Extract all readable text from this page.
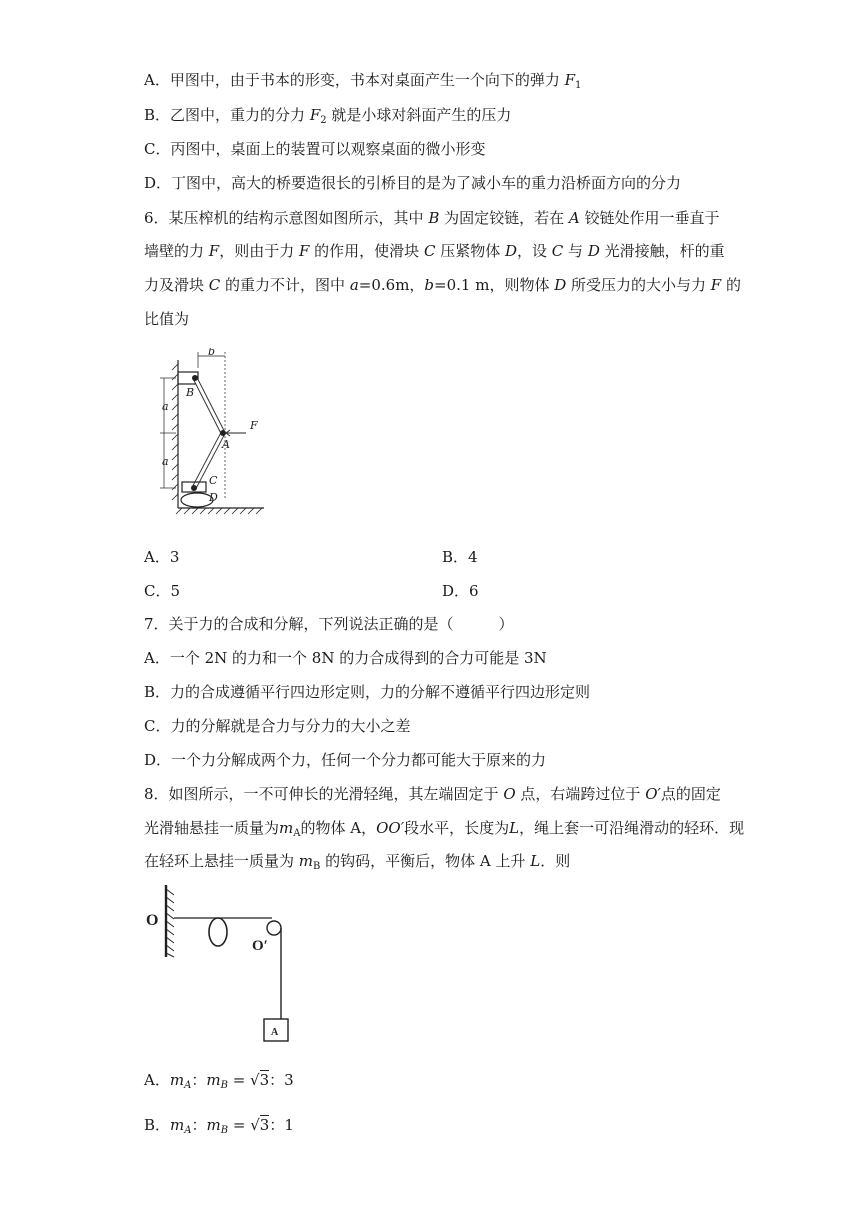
A．甲图中，由于书本的形变，书本对桌面产生一个向下的弹力 $F_1$
B．乙图中，重力的分力 $F_2$ 就是小球对斜面产生的压力
C．丙图中，桌面上的装置可以观察桌面的微小形变
D．丁图中，高大的桥要造很长的引桥目的是为了减小车的重力沿桥面方向的分力
6．某压榨机的结构示意图如图所示，其中 B 为固定铰链，若在 A 铰链处作用一垂直于
墙壁的力 F，则由于力 F 的作用，使滑块 C 压紧物体 D，设 C 与 D 光滑接触，杆的重
力及滑块 C 的重力不计，图中 a=0.6m，b=0.1 m，则物体 D 所受压力的大小与力 F 的
比值为
b
B
a
a
F
A
C
D
A．3	B．4
C．5	D．6
7．关于力的合成和分解，下列说法正确的是（　　　）
A．一个 2N 的力和一个 8N 的力合成得到的合力可能是 3N
B．力的合成遵循平行四边形定则，力的分解不遵循平行四边形定则
C．力的分解就是合力与分力的大小之差
D．一个力分解成两个力，任何一个分力都可能大于原来的力
8．如图所示，一不可伸长的光滑轻绳，其左端固定于 O 点，右端跨过位于 O′点的固定
光滑轴悬挂一质量为$m_A$的物体 A，OO′段水平，长度为L，绳上套一可沿绳滑动的轻环．现
在轻环上悬挂一质量为 $m_B$ 的钩码，平衡后，物体 A 上升 L．则
O
O′
A
A．$m_A$：$m_B = √3$：3
B．$m_A$：$m_B = √3$：1
